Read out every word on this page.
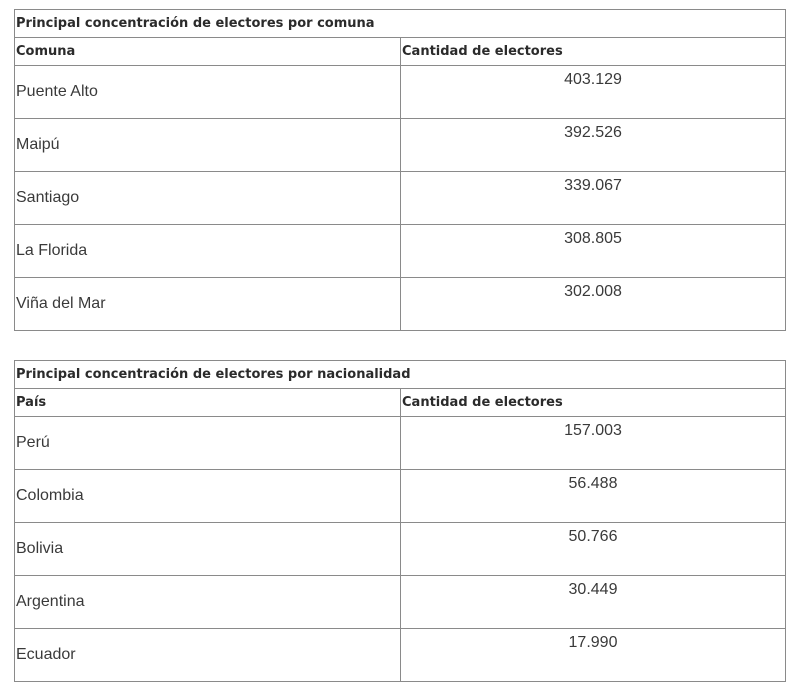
Principal concentración de electores por comuna	
Comuna	Cantidad de electores
Puente Alto	403.129
Maipú	392.526
Santiago	339.067
La Florida	308.805
Viña del Mar	302.008
Principal concentración de electores por nacionalidad	
País	Cantidad de electores
Perú	157.003
Colombia	56.488
Bolivia	50.766
Argentina	30.449
Ecuador	17.990
